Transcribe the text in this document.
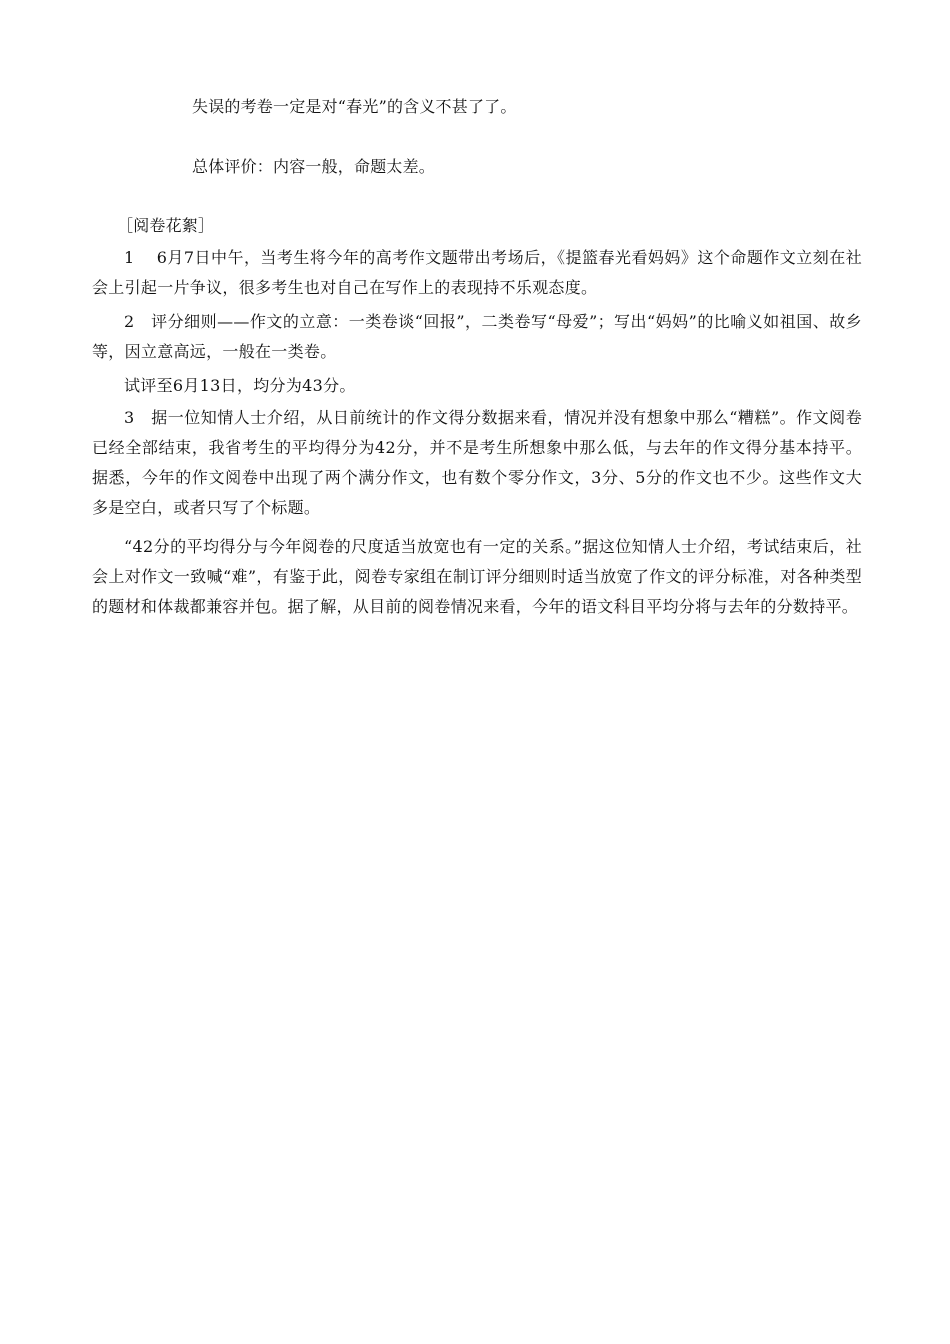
失误的考卷一定是对“春光”的含义不甚了了。
总体评价：内容一般，命题太差。
［阅卷花絮］
1　 6月7日中午，当考生将今年的高考作文题带出考场后，《提篮春光看妈妈》这个命题作文立刻在社会上引起一片争议，很多考生也对自己在写作上的表现持不乐观态度。
2　评分细则——作文的立意：一类卷谈“回报”，二类卷写“母爱”；写出“妈妈”的比喻义如祖国、故乡等，因立意高远，一般在一类卷。
试评至6月13日，均分为43分。
3　据一位知情人士介绍，从日前统计的作文得分数据来看，情况并没有想象中那么“糟糕”。作文阅卷已经全部结束，我省考生的平均得分为42分，并不是考生所想象中那么低，与去年的作文得分基本持平。据悉，今年的作文阅卷中出现了两个满分作文，也有数个零分作文，3分、5分的作文也不少。这些作文大多是空白，或者只写了个标题。
“42分的平均得分与今年阅卷的尺度适当放宽也有一定的关系。”据这位知情人士介绍，考试结束后，社会上对作文一致喊“难”，有鉴于此，阅卷专家组在制订评分细则时适当放宽了作文的评分标准，对各种类型的题材和体裁都兼容并包。据了解，从目前的阅卷情况来看，今年的语文科目平均分将与去年的分数持平。
